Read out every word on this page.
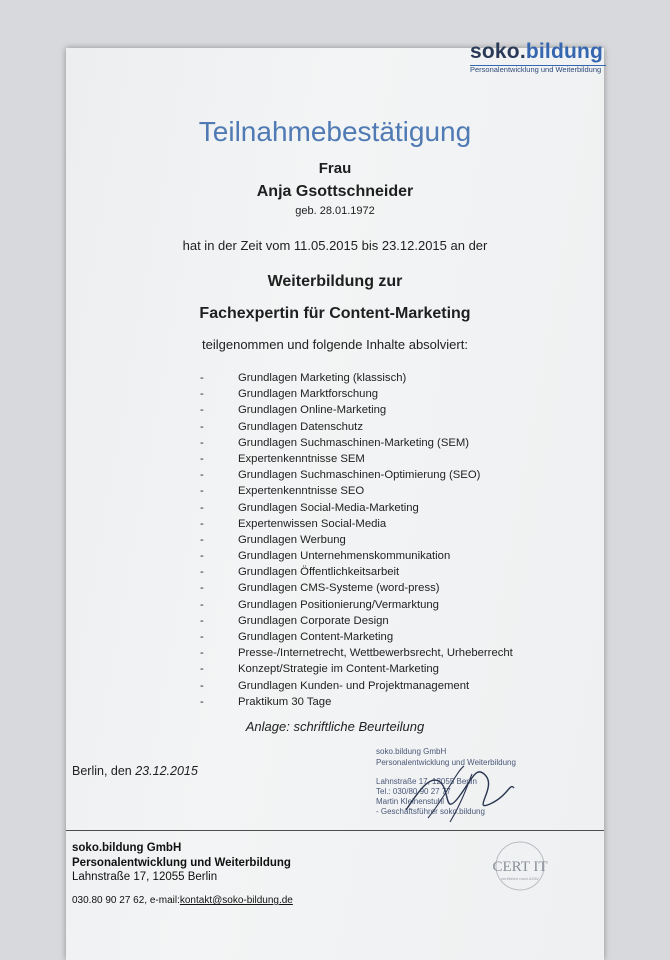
soko.bildung
Personalentwicklung und Weiterbildung
Teilnahmebestätigung
Frau
Anja Gsottschneider
geb. 28.01.1972
hat in der Zeit vom 11.05.2015 bis 23.12.2015 an der
Weiterbildung zur
Fachexpertin für Content-Marketing
teilgenommen und folgende Inhalte absolviert:
-	Grundlagen Marketing (klassisch)
-	Grundlagen Marktforschung
-	Grundlagen Online-Marketing
-	Grundlagen Datenschutz
-	Grundlagen Suchmaschinen-Marketing (SEM)
-	Expertenkenntnisse SEM
-	Grundlagen Suchmaschinen-Optimierung (SEO)
-	Expertenkenntnisse SEO
-	Grundlagen Social-Media-Marketing
-	Expertenwissen Social-Media
-	Grundlagen Werbung
-	Grundlagen Unternehmenskommunikation
-	Grundlagen Öffentlichkeitsarbeit
-	Grundlagen CMS-Systeme (word-press)
-	Grundlagen Positionierung/Vermarktung
-	Grundlagen Corporate Design
-	Grundlagen Content-Marketing
-	Presse-/Internetrecht, Wettbewerbsrecht, Urheberrecht
-	Konzept/Strategie im Content-Marketing
-	Grundlagen Kunden- und Projektmanagement
-	Praktikum 30 Tage
Anlage: schriftliche Beurteilung
Berlin, den 23.12.2015
soko.bildung GmbH
Personalentwicklung und Weiterbildung
Lahnstraße 17, 12055 Berlin
Tel.: 030/80 90 27 77
Martin Kleinenstuhl
- Geschäftsführer soko.bildung
soko.bildung GmbH
Personalentwicklung und Weiterbildung
Lahnstraße 17, 12055 Berlin
030.80 90 27 62, e-mail:kontakt@soko-bildung.de
CERT IT
zertifiziert nach AZAV
